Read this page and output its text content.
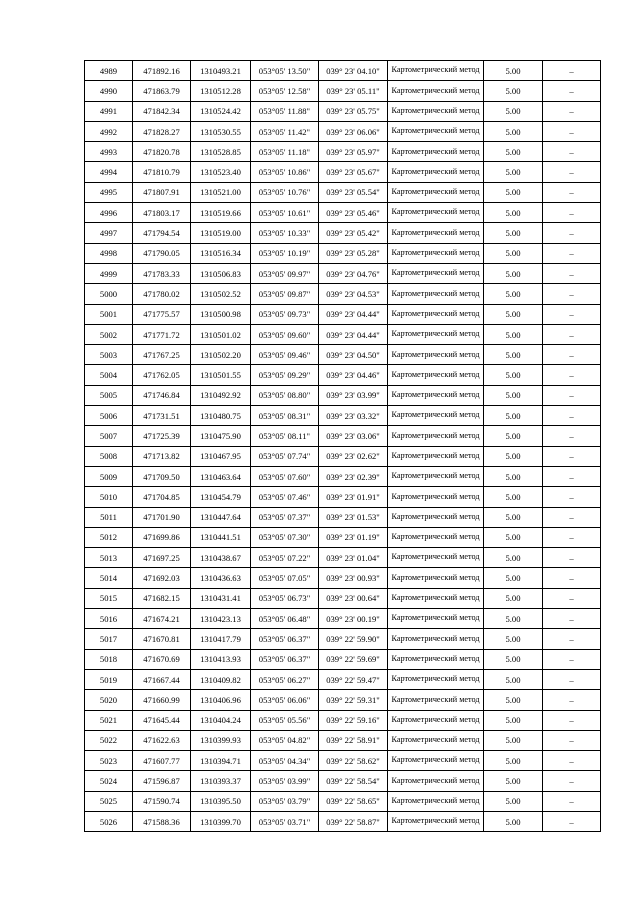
4989	471892.16	1310493.21	053°05' 13.50"	039° 23' 04.10"	Картометрический метод	5.00	–
4990	471863.79	1310512.28	053°05' 12.58"	039° 23' 05.11"	Картометрический метод	5.00	–
4991	471842.34	1310524.42	053°05' 11.88"	039° 23' 05.75"	Картометрический метод	5.00	–
4992	471828.27	1310530.55	053°05' 11.42"	039° 23' 06.06"	Картометрический метод	5.00	–
4993	471820.78	1310528.85	053°05' 11.18"	039° 23' 05.97"	Картометрический метод	5.00	–
4994	471810.79	1310523.40	053°05' 10.86"	039° 23' 05.67"	Картометрический метод	5.00	–
4995	471807.91	1310521.00	053°05' 10.76"	039° 23' 05.54"	Картометрический метод	5.00	–
4996	471803.17	1310519.66	053°05' 10.61"	039° 23' 05.46"	Картометрический метод	5.00	–
4997	471794.54	1310519.00	053°05' 10.33"	039° 23' 05.42"	Картометрический метод	5.00	–
4998	471790.05	1310516.34	053°05' 10.19"	039° 23' 05.28"	Картометрический метод	5.00	–
4999	471783.33	1310506.83	053°05' 09.97"	039° 23' 04.76"	Картометрический метод	5.00	–
5000	471780.02	1310502.52	053°05' 09.87"	039° 23' 04.53"	Картометрический метод	5.00	–
5001	471775.57	1310500.98	053°05' 09.73"	039° 23' 04.44"	Картометрический метод	5.00	–
5002	471771.72	1310501.02	053°05' 09.60"	039° 23' 04.44"	Картометрический метод	5.00	–
5003	471767.25	1310502.20	053°05' 09.46"	039° 23' 04.50"	Картометрический метод	5.00	–
5004	471762.05	1310501.55	053°05' 09.29"	039° 23' 04.46"	Картометрический метод	5.00	–
5005	471746.84	1310492.92	053°05' 08.80"	039° 23' 03.99"	Картометрический метод	5.00	–
5006	471731.51	1310480.75	053°05' 08.31"	039° 23' 03.32"	Картометрический метод	5.00	–
5007	471725.39	1310475.90	053°05' 08.11"	039° 23' 03.06"	Картометрический метод	5.00	–
5008	471713.82	1310467.95	053°05' 07.74"	039° 23' 02.62"	Картометрический метод	5.00	–
5009	471709.50	1310463.64	053°05' 07.60"	039° 23' 02.39"	Картометрический метод	5.00	–
5010	471704.85	1310454.79	053°05' 07.46"	039° 23' 01.91"	Картометрический метод	5.00	–
5011	471701.90	1310447.64	053°05' 07.37"	039° 23' 01.53"	Картометрический метод	5.00	–
5012	471699.86	1310441.51	053°05' 07.30"	039° 23' 01.19"	Картометрический метод	5.00	–
5013	471697.25	1310438.67	053°05' 07.22"	039° 23' 01.04"	Картометрический метод	5.00	–
5014	471692.03	1310436.63	053°05' 07.05"	039° 23' 00.93"	Картометрический метод	5.00	–
5015	471682.15	1310431.41	053°05' 06.73"	039° 23' 00.64"	Картометрический метод	5.00	–
5016	471674.21	1310423.13	053°05' 06.48"	039° 23' 00.19"	Картометрический метод	5.00	–
5017	471670.81	1310417.79	053°05' 06.37"	039° 22' 59.90"	Картометрический метод	5.00	–
5018	471670.69	1310413.93	053°05' 06.37"	039° 22' 59.69"	Картометрический метод	5.00	–
5019	471667.44	1310409.82	053°05' 06.27"	039° 22' 59.47"	Картометрический метод	5.00	–
5020	471660.99	1310406.96	053°05' 06.06"	039° 22' 59.31"	Картометрический метод	5.00	–
5021	471645.44	1310404.24	053°05' 05.56"	039° 22' 59.16"	Картометрический метод	5.00	–
5022	471622.63	1310399.93	053°05' 04.82"	039° 22' 58.91"	Картометрический метод	5.00	–
5023	471607.77	1310394.71	053°05' 04.34"	039° 22' 58.62"	Картометрический метод	5.00	–
5024	471596.87	1310393.37	053°05' 03.99"	039° 22' 58.54"	Картометрический метод	5.00	–
5025	471590.74	1310395.50	053°05' 03.79"	039° 22' 58.65"	Картометрический метод	5.00	–
5026	471588.36	1310399.70	053°05' 03.71"	039° 22' 58.87"	Картометрический метод	5.00	–
